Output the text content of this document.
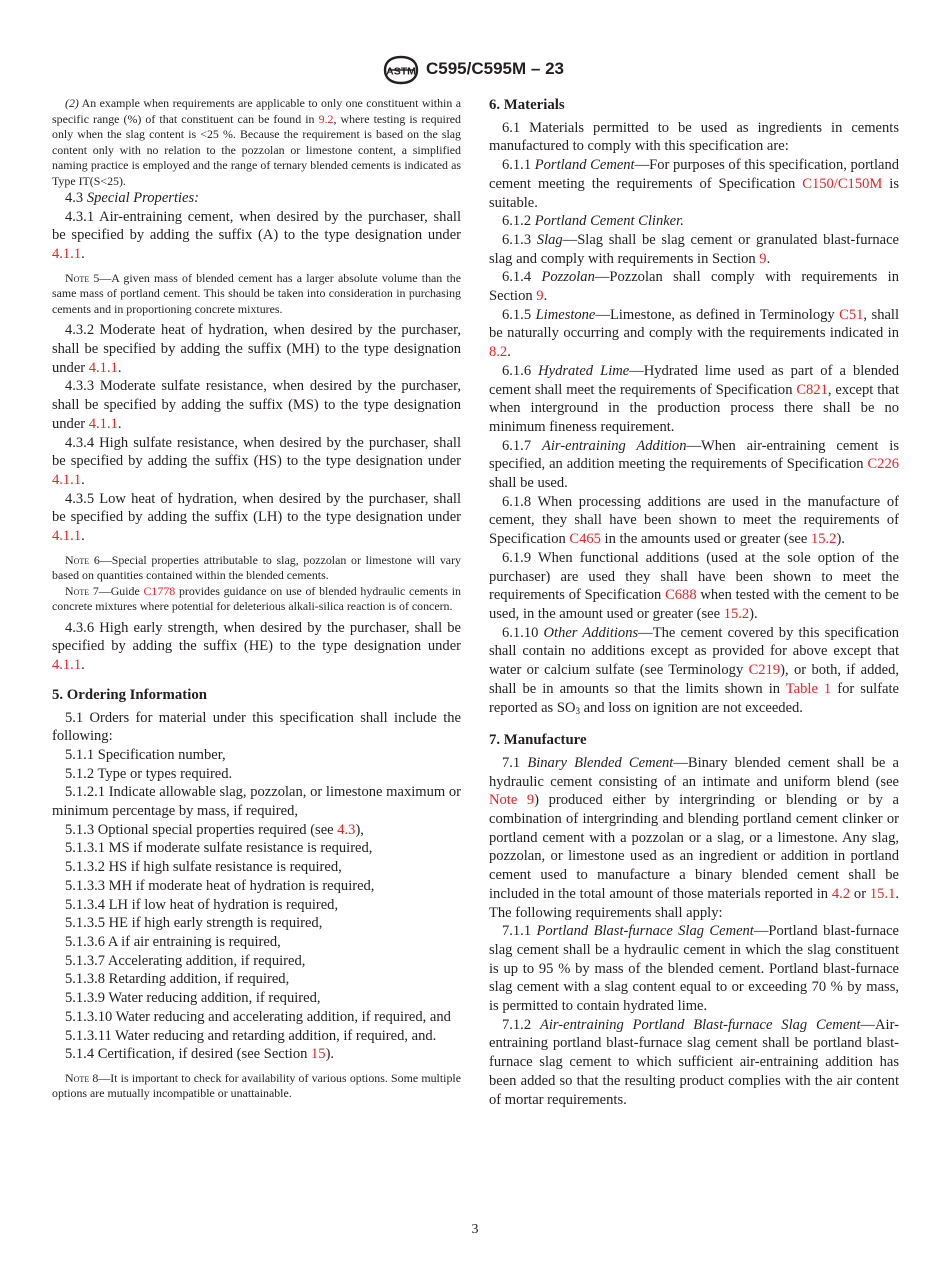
ASTM C595/C595M – 23

(2) An example when requirements are applicable to only one constituent within a specific range (%) of that constituent can be found in 9.2, where testing is required only when the slag content is <25 %. Because the requirement is based on the slag content only with no relation to the pozzolan or limestone content, a simplified naming practice is employed and the range of ternary blended cements is indicated as Type IT(S<25).

4.3 Special Properties:

4.3.1 Air-entraining cement, when desired by the purchaser, shall be specified by adding the suffix (A) to the type designation under 4.1.1.

Note 5—A given mass of blended cement has a larger absolute volume than the same mass of portland cement. This should be taken into consideration in purchasing cements and in proportioning concrete mixtures.

4.3.2 Moderate heat of hydration, when desired by the purchaser, shall be specified by adding the suffix (MH) to the type designation under 4.1.1.

4.3.3 Moderate sulfate resistance, when desired by the purchaser, shall be specified by adding the suffix (MS) to the type designation under 4.1.1.

4.3.4 High sulfate resistance, when desired by the purchaser, shall be specified by adding the suffix (HS) to the type designation under 4.1.1.

4.3.5 Low heat of hydration, when desired by the purchaser, shall be specified by adding the suffix (LH) to the type designation under 4.1.1.

Note 6—Special properties attributable to slag, pozzolan or limestone will vary based on quantities contained within the blended cements.

Note 7—Guide C1778 provides guidance on use of blended hydraulic cements in concrete mixtures where potential for deleterious alkali-silica reaction is of concern.

4.3.6 High early strength, when desired by the purchaser, shall be specified by adding the suffix (HE) to the type designation under 4.1.1.

5. Ordering Information

5.1 Orders for material under this specification shall include the following:

5.1.1 Specification number,

5.1.2 Type or types required.

5.1.2.1 Indicate allowable slag, pozzolan, or limestone maximum or minimum percentage by mass, if required,

5.1.3 Optional special properties required (see 4.3),

5.1.3.1 MS if moderate sulfate resistance is required,

5.1.3.2 HS if high sulfate resistance is required,

5.1.3.3 MH if moderate heat of hydration is required,

5.1.3.4 LH if low heat of hydration is required,

5.1.3.5 HE if high early strength is required,

5.1.3.6 A if air entraining is required,

5.1.3.7 Accelerating addition, if required,

5.1.3.8 Retarding addition, if required,

5.1.3.9 Water reducing addition, if required,

5.1.3.10 Water reducing and accelerating addition, if required, and

5.1.3.11 Water reducing and retarding addition, if required, and.

5.1.4 Certification, if desired (see Section 15).

Note 8—It is important to check for availability of various options. Some multiple options are mutually incompatible or unattainable.

6. Materials

6.1 Materials permitted to be used as ingredients in cements manufactured to comply with this specification are:

6.1.1 Portland Cement—For purposes of this specification, portland cement meeting the requirements of Specification C150/C150M is suitable.

6.1.2 Portland Cement Clinker.

6.1.3 Slag—Slag shall be slag cement or granulated blast-furnace slag and comply with requirements in Section 9.

6.1.4 Pozzolan—Pozzolan shall comply with requirements in Section 9.

6.1.5 Limestone—Limestone, as defined in Terminology C51, shall be naturally occurring and comply with the requirements indicated in 8.2.

6.1.6 Hydrated Lime—Hydrated lime used as part of a blended cement shall meet the requirements of Specification C821, except that when interground in the production process there shall be no minimum fineness requirement.

6.1.7 Air-entraining Addition—When air-entraining cement is specified, an addition meeting the requirements of Specification C226 shall be used.

6.1.8 When processing additions are used in the manufacture of cement, they shall have been shown to meet the requirements of Specification C465 in the amounts used or greater (see 15.2).

6.1.9 When functional additions (used at the sole option of the purchaser) are used they shall have been shown to meet the requirements of Specification C688 when tested with the cement to be used, in the amount used or greater (see 15.2).

6.1.10 Other Additions—The cement covered by this specification shall contain no additions except as provided for above except that water or calcium sulfate (see Terminology C219), or both, if added, shall be in amounts so that the limits shown in Table 1 for sulfate reported as $SO_3$ and loss on ignition are not exceeded.

7. Manufacture

7.1 Binary Blended Cement—Binary blended cement shall be a hydraulic cement consisting of an intimate and uniform blend (see Note 9) produced either by intergrinding or blending or by a combination of intergrinding and blending portland cement clinker or portland cement with a pozzolan or a slag, or a limestone. Any slag, pozzolan, or limestone used as an ingredient or addition in portland cement used to manufacture a binary blended cement shall be included in the total amount of those materials reported in 4.2 or 15.1. The following requirements shall apply:

7.1.1 Portland Blast-furnace Slag Cement—Portland blast-furnace slag cement shall be a hydraulic cement in which the slag constituent is up to 95 % by mass of the blended cement. Portland blast-furnace slag cement with a slag content equal to or exceeding 70 % by mass, is permitted to contain hydrated lime.

7.1.2 Air-entraining Portland Blast-furnace Slag Cement—Air-entraining portland blast-furnace slag cement shall be portland blast-furnace slag cement to which sufficient air-entraining addition has been added so that the resulting product complies with the air content of mortar requirements.

3
